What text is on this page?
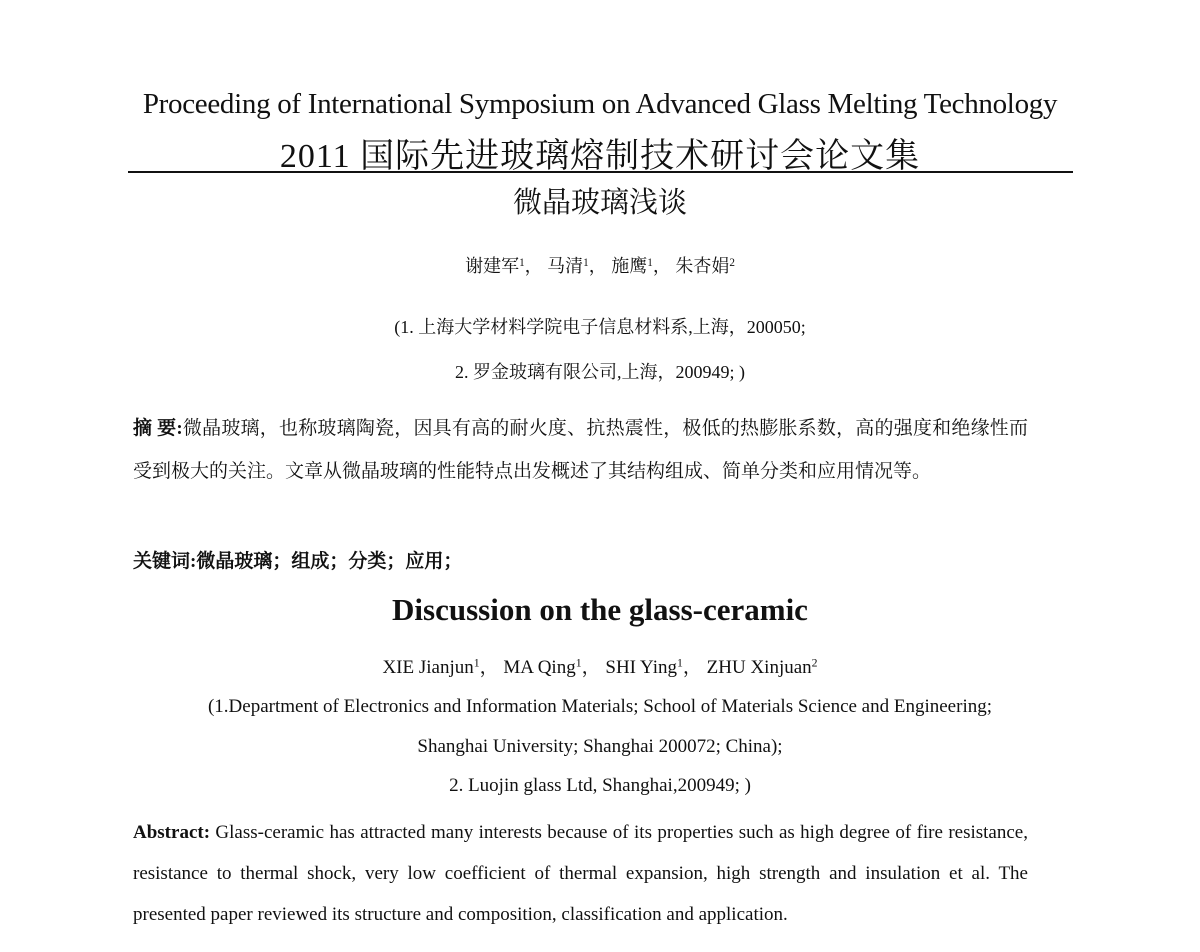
Proceeding of International Symposium on Advanced Glass Melting Technology
2011 国际先进玻璃熔制技术研讨会论文集
微晶玻璃浅谈
谢建军$^1$， 马清$^1$， 施鹰$^1$， 朱杏娟$^2$
(1. 上海大学材料学院电子信息材料系,上海，200050;
2. 罗金玻璃有限公司,上海，200949; )
摘 要:微晶玻璃，也称玻璃陶瓷，因具有高的耐火度、抗热震性，极低的热膨胀系数，高的强度和绝缘性而受到极大的关注。文章从微晶玻璃的性能特点出发概述了其结构组成、简单分类和应用情况等。
关键词:微晶玻璃；组成；分类；应用；
Discussion on the glass-ceramic
XIE Jianjun$^1$， MA Qing$^1$， SHI Ying$^1$， ZHU Xinjuan$^2$
(1.Department of Electronics and Information Materials; School of Materials Science and Engineering;
Shanghai University; Shanghai 200072; China);
2. Luojin glass Ltd, Shanghai,200949; )
Abstract: Glass-ceramic has attracted many interests because of its properties such as high degree of fire resistance, resistance to thermal shock, very low coefficient of thermal expansion, high strength and insulation et al. The presented paper reviewed its structure and composition, classification and application.
